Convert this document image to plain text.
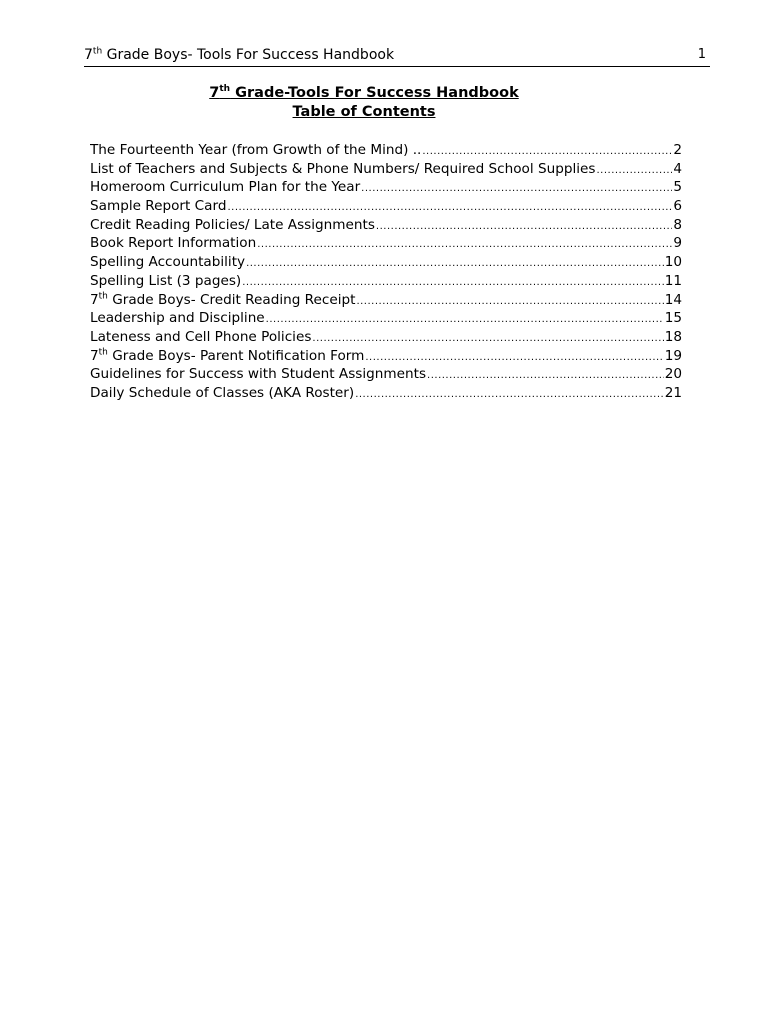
7th Grade Boys- Tools For Success Handbook	1
7th Grade-Tools For Success Handbook
Table of Contents
The Fourteenth Year (from Growth of the Mind) .. .....	2
List of Teachers and Subjects & Phone Numbers/ Required School Supplies .....	4
Homeroom Curriculum Plan for the Year .....	5
Sample Report Card .....	6
Credit Reading Policies/ Late Assignments .....	8
Book Report Information .....	9
Spelling Accountability .....	10
Spelling List (3 pages) .....	11
7th Grade Boys- Credit Reading Receipt .....	14
Leadership and Discipline .....	15
Lateness and Cell Phone Policies .....	18
7th Grade Boys- Parent Notification Form .....	19
Guidelines for Success with Student Assignments .....	20
Daily Schedule of Classes (AKA Roster) .....	21
